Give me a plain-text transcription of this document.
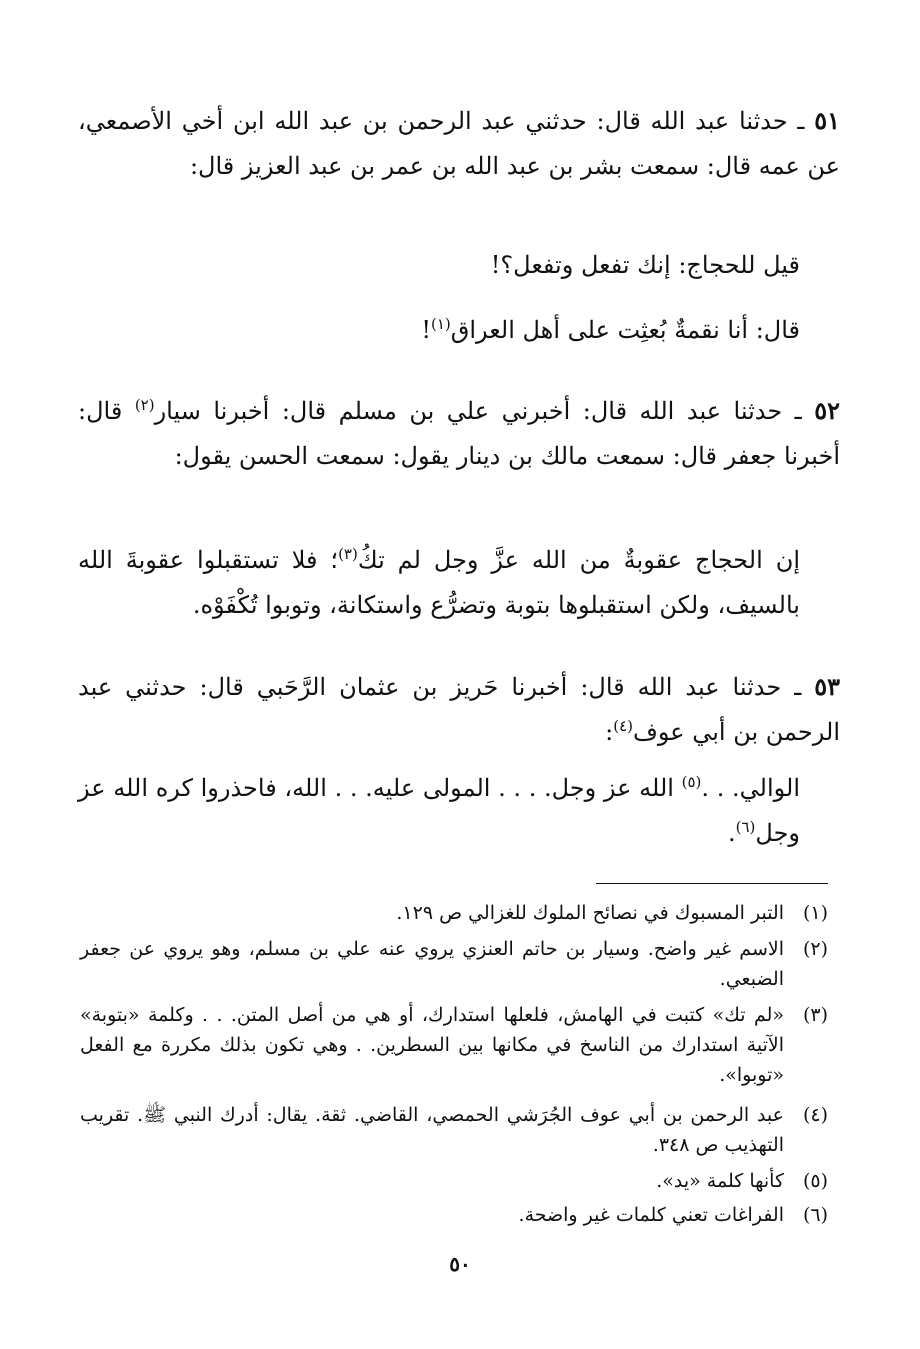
٥١ ـ حدثنا عبد الله قال: حدثني عبد الرحمن بن عبد الله ابن أخي الأصمعي، عن عمه قال: سمعت بشر بن عبد الله بن عمر بن عبد العزيز قال:

قيل للحجاج: إنك تفعل وتفعل؟!

قال: أنا نقمةٌ بُعثِت على أهل العراق$^{(١)}$!

٥٢ ـ حدثنا عبد الله قال: أخبرني علي بن مسلم قال: أخبرنا سيار$^{(٢)}$ قال: أخبرنا جعفر قال: سمعت مالك بن دينار يقول: سمعت الحسن يقول:

إن الحجاج عقوبةٌ من الله عزَّ وجل لم تكُ$^{(٣)}$؛ فلا تستقبلوا عقوبةَ الله بالسيف، ولكن استقبلوها بتوبة وتضرُّع واستكانة، وتوبوا تُكْفَوْه.

٥٣ ـ حدثنا عبد الله قال: أخبرنا حَريز بن عثمان الرَّحَبي قال: حدثني عبد الرحمن بن أبي عوف$^{(٤)}$:

الوالي. . .$^{(٥)}$ الله عز وجل. . . . المولى عليه. . . الله، فاحذروا كره الله عز وجل$^{(٦)}$.

(١)
التبر المسبوك في نصائح الملوك للغزالي ص ١٢٩.
(٢)
الاسم غير واضح. وسيار بن حاتم العنزي يروي عنه علي بن مسلم، وهو يروي عن جعفر الضبعي.
(٣)
«لم تك» كتبت في الهامش، فلعلها استدارك، أو هي من أصل المتن. . . وكلمة «بتوبة» الآتية استدارك من الناسخ في مكانها بين السطرين. . وهي تكون بذلك مكررة مع الفعل «توبوا».
(٤)
عبد الرحمن بن أبي عوف الجُرَشي الحمصي، القاضي. ثقة. يقال: أدرك النبي ﷺ. تقريب التهذيب ص ٣٤٨.
(٥)
كأنها كلمة «يد».
(٦)
الفراغات تعني كلمات غير واضحة.
٥٠
